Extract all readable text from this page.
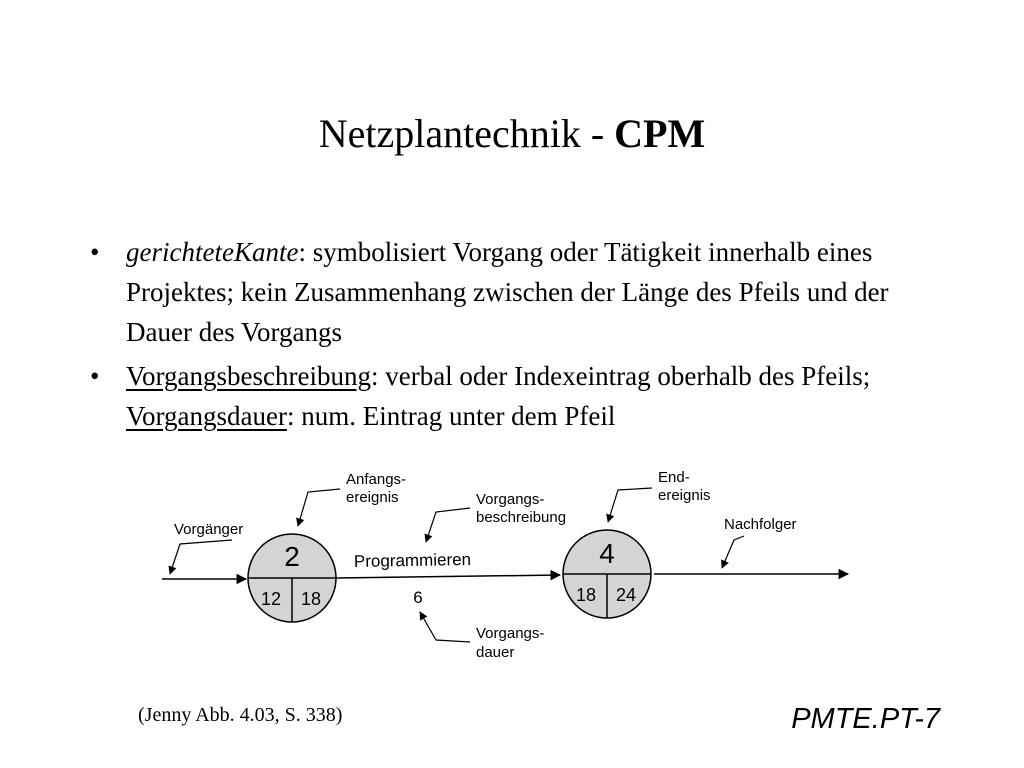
Netzplantechnik - CPM
• gerichteteKante: symbolisiert Vorgang oder Tätigkeit innerhalb eines Projektes; kein Zusammenhang zwischen der Länge des Pfeils und der Dauer des Vorgangs
• Vorgangsbeschreibung: verbal oder Indexeintrag oberhalb des Pfeils; Vorgangsdauer: num. Eintrag unter dem Pfeil
2
12 18
4
18 24
Programmieren
6
Vorgänger
Anfangs-
ereignis	Vorgangs-
beschreibung
End-
ereignis
Nachfolger
Vorgangs-
dauer
(Jenny Abb. 4.03, S. 338)	PMTE.PT-7
